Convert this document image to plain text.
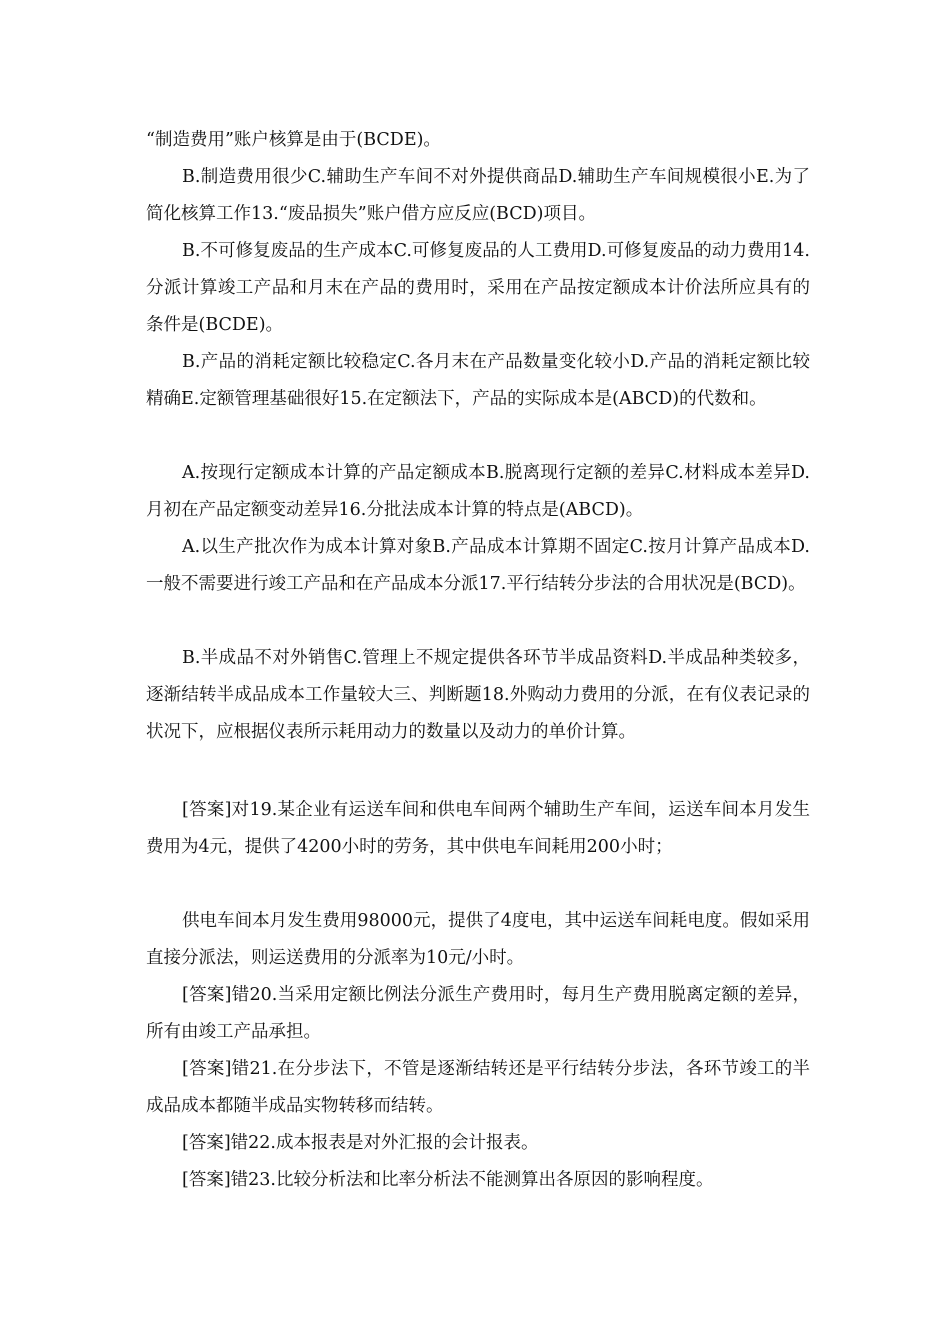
“制造费用”账户核算是由于(BCDE)。

B.制造费用很少C.辅助生产车间不对外提供商品D.辅助生产车间规模很小E.为了简化核算工作13.“废品损失”账户借方应反应(BCD)项目。

B.不可修复废品的生产成本C.可修复废品的人工费用D.可修复废品的动力费用14.分派计算竣工产品和月末在产品的费用时，采用在产品按定额成本计价法所应具有的条件是(BCDE)。

B.产品的消耗定额比较稳定C.各月末在产品数量变化较小D.产品的消耗定额比较精确E.定额管理基础很好15.在定额法下，产品的实际成本是(ABCD)的代数和。

A.按现行定额成本计算的产品定额成本B.脱离现行定额的差异C.材料成本差异D.月初在产品定额变动差异16.分批法成本计算的特点是(ABCD)。

A.以生产批次作为成本计算对象B.产品成本计算期不固定C.按月计算产品成本D.一般不需要进行竣工产品和在产品成本分派17.平行结转分步法的合用状况是(BCD)。

B.半成品不对外销售C.管理上不规定提供各环节半成品资料D.半成品种类较多，逐渐结转半成品成本工作量较大三、判断题18.外购动力费用的分派，在有仪表记录的状况下，应根据仪表所示耗用动力的数量以及动力的单价计算。

[答案]对19.某企业有运送车间和供电车间两个辅助生产车间，运送车间本月发生费用为4元，提供了4200小时的劳务，其中供电车间耗用200小时；

供电车间本月发生费用98000元，提供了4度电，其中运送车间耗电度。假如采用直接分派法，则运送费用的分派率为10元/小时。

[答案]错20.当采用定额比例法分派生产费用时，每月生产费用脱离定额的差异，所有由竣工产品承担。

[答案]错21.在分步法下，不管是逐渐结转还是平行结转分步法，各环节竣工的半成品成本都随半成品实物转移而结转。

[答案]错22.成本报表是对外汇报的会计报表。

[答案]错23.比较分析法和比率分析法不能测算出各原因的影响程度。
